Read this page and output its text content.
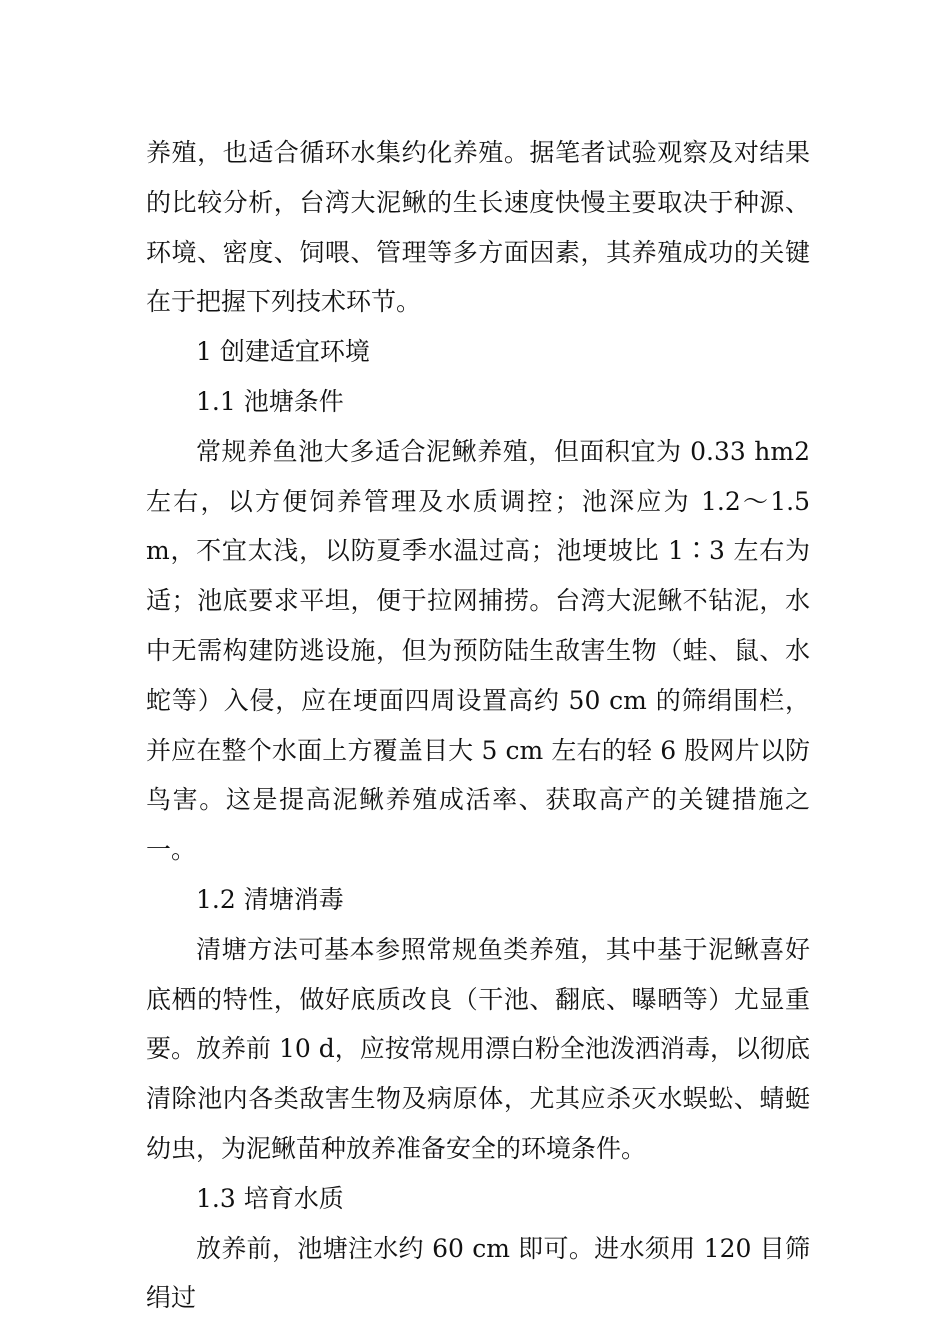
养殖，也适合循环水集约化养殖。据笔者试验观察及对结果的比较分析，台湾大泥鳅的生长速度快慢主要取决于种源、环境、密度、饲喂、管理等多方面因素，其养殖成功的关键在于把握下列技术环节。

1 创建适宜环境

1.1 池塘条件

常规养鱼池大多适合泥鳅养殖，但面积宜为 0.33 hm2 左右，以方便饲养管理及水质调控；池深应为 1.2～1.5 m，不宜太浅，以防夏季水温过高；池埂坡比 1∶3 左右为适；池底要求平坦，便于拉网捕捞。台湾大泥鳅不钻泥，水中无需构建防逃设施，但为预防陆生敌害生物（蛙、鼠、水蛇等）入侵，应在埂面四周设置高约 50 cm 的筛绢围栏，并应在整个水面上方覆盖目大 5 cm 左右的轻 6 股网片以防鸟害。这是提高泥鳅养殖成活率、获取高产的关键措施之一。

1.2 清塘消毒

清塘方法可基本参照常规鱼类养殖，其中基于泥鳅喜好底栖的特性，做好底质改良（干池、翻底、曝晒等）尤显重要。放养前 10 d，应按常规用漂白粉全池泼洒消毒，以彻底清除池内各类敌害生物及病原体，尤其应杀灭水蜈蚣、蜻蜓幼虫，为泥鳅苗种放养准备安全的环境条件。

1.3 培育水质

放养前，池塘注水约 60 cm 即可。进水须用 120 目筛绢过
